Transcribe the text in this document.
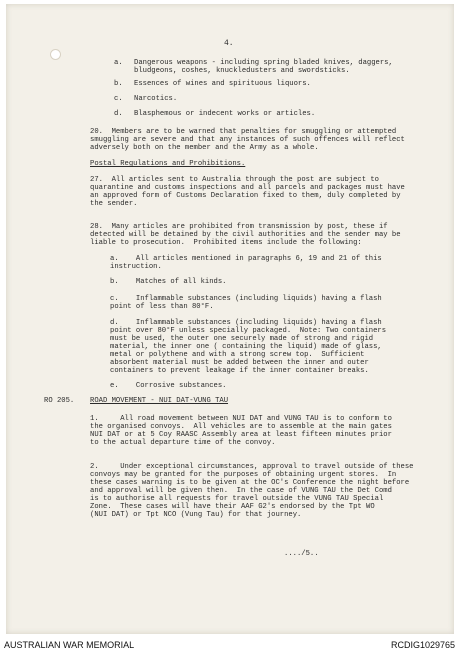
4.
a. Dangerous weapons - including spring bladed knives, daggers,
bludgeons, coshes, knuckledusters and swordsticks.
b. Essences of wines and spirituous liquors.
c. Narcotics.
d. Blasphemous or indecent works or articles.
20.  Members are to be warned that penalties for smuggling or attempted
smuggling are severe and that any instances of such offences will reflect
adversely both on the member and the Army as a whole.
Postal Regulations and Prohibitions.
27.  All articles sent to Australia through the post are subject to
quarantine and customs inspections and all parcels and packages must have
an approved form of Customs Declaration fixed to them, duly completed by
the sender.
28.  Many articles are prohibited from transmission by post, these if
detected will be detained by the civil authorities and the sender may be
liable to prosecution.  Prohibited items include the following:
a.    All articles mentioned in paragraphs 6, 19 and 21 of this
instruction.
b.    Matches of all kinds.
c.    Inflammable substances (including liquids) having a flash
point of less than 80°F.
d.    Inflammable substances (including liquids) having a flash
point over 80°F unless specially packaged.  Note: Two containers
must be used, the outer one securely made of strong and rigid
material, the inner one ( containing the liquid) made of glass,
metal or polythene and with a strong screw top.  Sufficient
absorbent material must be added between the inner and outer
containers to prevent leakage if the inner container breaks.
e.    Corrosive substances.
RO 205. ROAD MOVEMENT - NUI DAT-VUNG TAU
1.     All road movement between NUI DAT and VUNG TAU is to conform to
the organised convoys.  All vehicles are to assemble at the main gates
NUI DAT or at 5 Coy RAASC Assembly area at least fifteen minutes prior
to the actual departure time of the convoy.
2.     Under exceptional circumstances, approval to travel outside of these
convoys may be granted for the purposes of obtaining urgent stores.  In
these cases warning is to be given at the OC's Conference the night before
and approval will be given then.  In the case of VUNG TAU the Det Comd
is to authorise all requests for travel outside the VUNG TAU Special
Zone.  These cases will have their AAF G2's endorsed by the Tpt WO
(NUI DAT) or Tpt NCO (Vung Tau) for that journey.
..../5..
AUSTRALIAN WAR MEMORIAL	RCDIG1029765
